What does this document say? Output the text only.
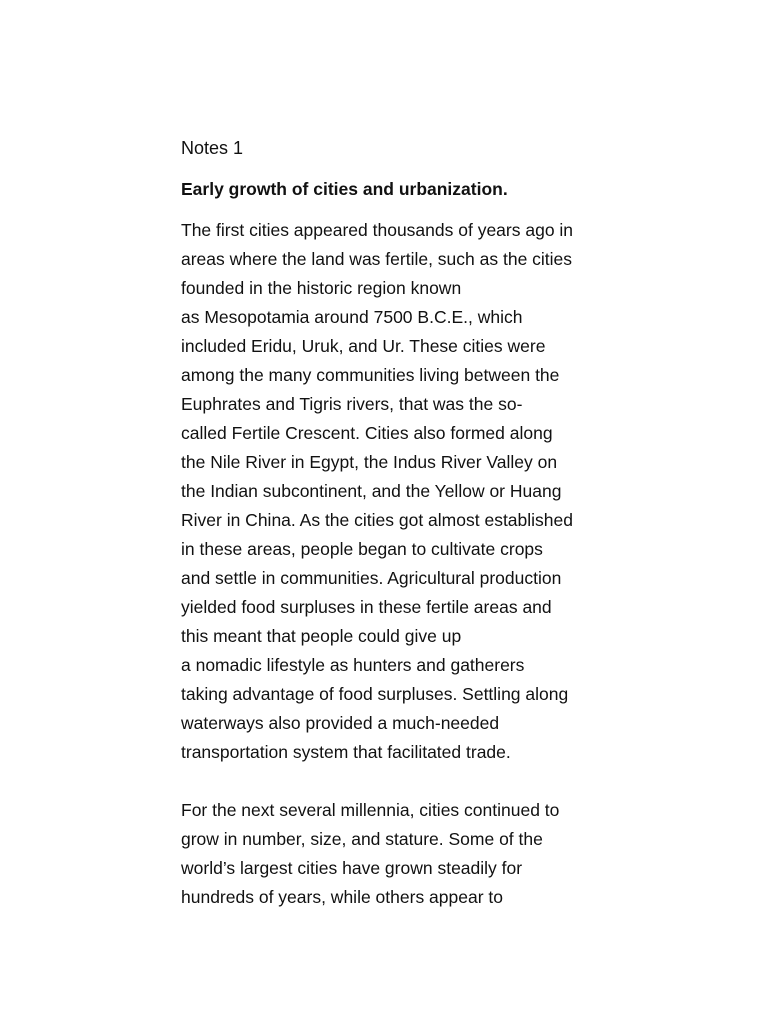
Notes 1
Early growth of cities and urbanization.
The first cities appeared thousands of years ago in
areas where the land was fertile, such as the cities
founded in the historic region known
as Mesopotamia around 7500 B.C.E., which
included Eridu, Uruk, and Ur. These cities were
among the many communities living between the
Euphrates and Tigris rivers, that was the so-
called Fertile Crescent. Cities also formed along
the Nile River in Egypt, the Indus River Valley on
the Indian subcontinent, and the Yellow or Huang
River in China. As the cities got almost established
in these areas, people began to cultivate crops
and settle in communities. Agricultural production
yielded food surpluses in these fertile areas and
this meant that people could give up
a nomadic lifestyle as hunters and gatherers
taking advantage of food surpluses. Settling along
waterways also provided a much-needed
transportation system that facilitated trade.
For the next several millennia, cities continued to
grow in number, size, and stature. Some of the
world’s largest cities have grown steadily for
hundreds of years, while others appear to
